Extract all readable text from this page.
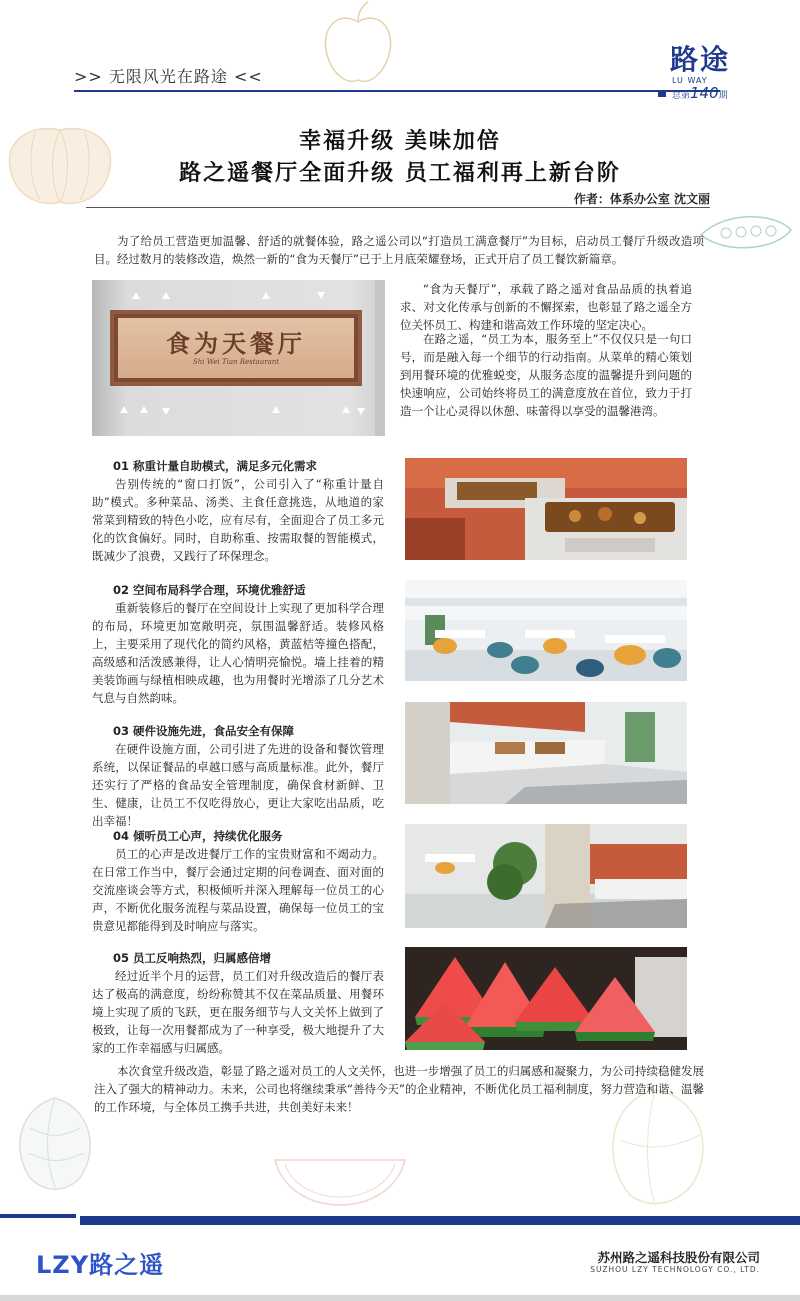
>> 无限风光在路途 <<
路途
LU WAY
总第140期
幸福升级 美味加倍
路之遥餐厅全面升级 员工福利再上新台阶
作者：体系办公室 沈文丽

为了给员工营造更加温馨、舒适的就餐体验，路之遥公司以“打造员工满意餐厅”为目标，启动员工餐厅升级改造项目。经过数月的装修改造，焕然一新的“食为天餐厅”已于上月底荣耀登场，正式开启了员工餐饮新篇章。

食为天餐厅
Shi Wei Tian Restaurant

“食为天餐厅”，承载了路之遥对食品品质的执着追求、对文化传承与创新的不懈探索，也彰显了路之遥全方位关怀员工、构建和谐高效工作环境的坚定决心。

在路之遥，“员工为本，服务至上”不仅仅只是一句口号，而是融入每一个细节的行动指南。从菜单的精心策划到用餐环境的优雅蜕变，从服务态度的温馨提升到问题的快速响应，公司始终将员工的满意度放在首位，致力于打造一个让心灵得以休憩、味蕾得以享受的温馨港湾。

01 称重计量自助模式，满足多元化需求

告别传统的“窗口打饭”，公司引入了“称重计量自助”模式。多种菜品、汤类、主食任意挑选，从地道的家常菜到精致的特色小吃，应有尽有，全面迎合了员工多元化的饮食偏好。同时，自助称重、按需取餐的智能模式，既减少了浪费，又践行了环保理念。

02 空间布局科学合理，环境优雅舒适

重新装修后的餐厅在空间设计上实现了更加科学合理的布局，环境更加宽敞明亮，氛围温馨舒适。装修风格上，主要采用了现代化的简约风格，黄蓝桔等撞色搭配，高级感和活泼感兼得，让人心情明亮愉悦。墙上挂着的精美装饰画与绿植相映成趣，也为用餐时光增添了几分艺术气息与自然韵味。

03 硬件设施先进，食品安全有保障

在硬件设施方面，公司引进了先进的设备和餐饮管理系统，以保证餐品的卓越口感与高质量标准。此外，餐厅还实行了严格的食品安全管理制度，确保食材新鲜、卫生、健康，让员工不仅吃得放心，更让大家吃出品质，吃出幸福！

04 倾听员工心声，持续优化服务

员工的心声是改进餐厅工作的宝贵财富和不竭动力。在日常工作当中，餐厅会通过定期的问卷调查、面对面的交流座谈会等方式，积极倾听并深入理解每一位员工的心声，不断优化服务流程与菜品设置，确保每一位员工的宝贵意见都能得到及时响应与落实。

05 员工反响热烈，归属感倍增

经过近半个月的运营，员工们对升级改造后的餐厅表达了极高的满意度，纷纷称赞其不仅在菜品质量、用餐环境上实现了质的飞跃，更在服务细节与人文关怀上做到了极致，让每一次用餐都成为了一种享受，极大地提升了大家的工作幸福感与归属感。

本次食堂升级改造，彰显了路之遥对员工的人文关怀，也进一步增强了员工的归属感和凝聚力，为公司持续稳健发展注入了强大的精神动力。未来，公司也将继续秉承“善待今天”的企业精神，不断优化员工福利制度，努力营造和谐、温馨的工作环境，与全体员工携手共进，共创美好未来！

LZY路之遥	苏州路之遥科技股份有限公司
SUZHOU LZY TECHNOLOGY CO., LTD.
